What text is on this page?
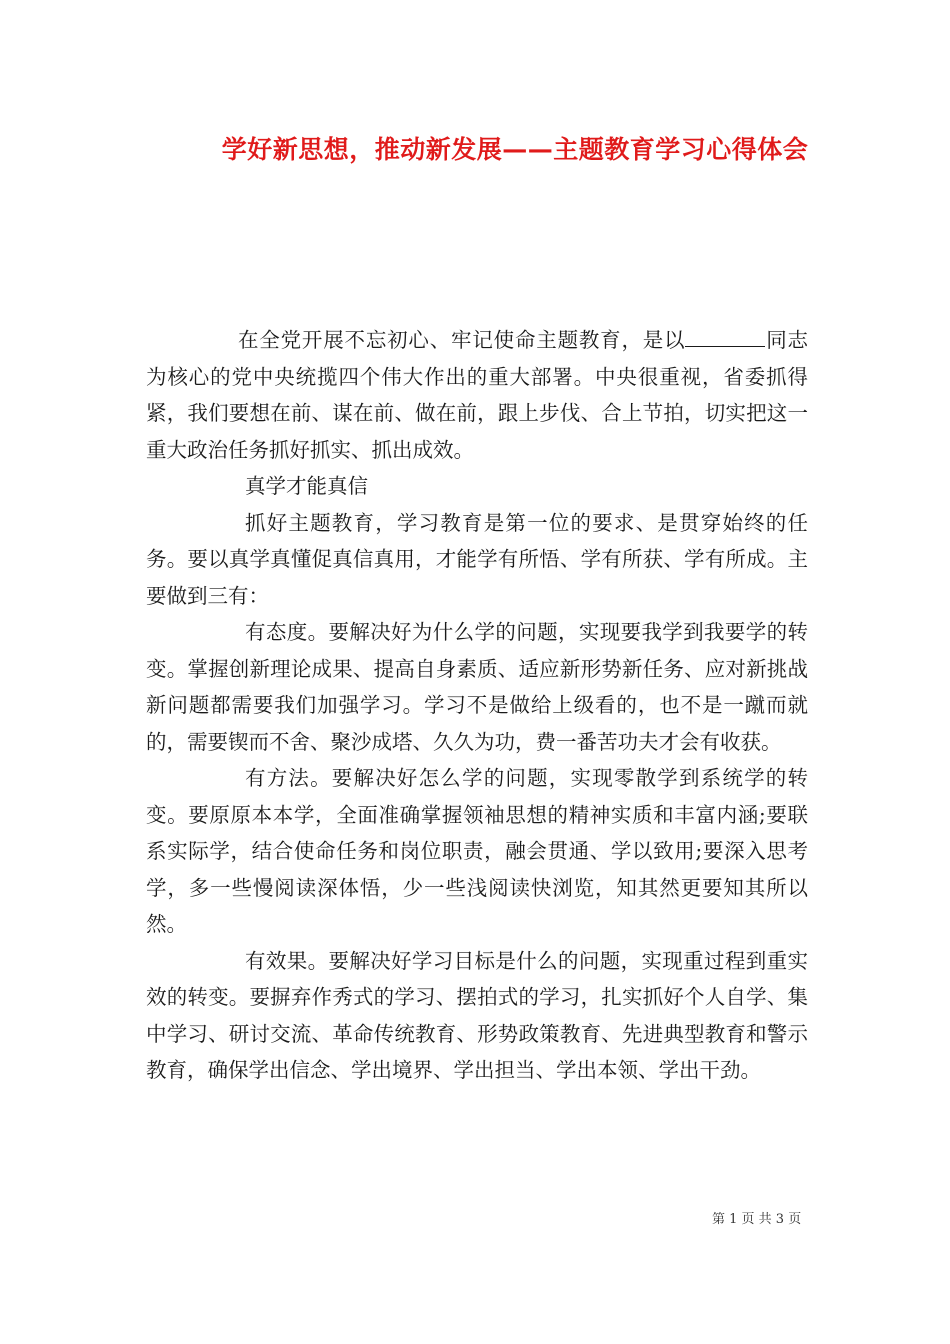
学好新思想，推动新发展——主题教育学习心得体会

在全党开展不忘初心、牢记使命主题教育，是以	同志为核心的党中央统揽四个伟大作出的重大部署。中央很重视，省委抓得紧，我们要想在前、谋在前、做在前，跟上步伐、合上节拍，切实把这一重大政治任务抓好抓实、抓出成效。

真学才能真信

抓好主题教育，学习教育是第一位的要求、是贯穿始终的任务。要以真学真懂促真信真用，才能学有所悟、学有所获、学有所成。主要做到三有：

有态度。要解决好为什么学的问题，实现要我学到我要学的转变。掌握创新理论成果、提高自身素质、适应新形势新任务、应对新挑战新问题都需要我们加强学习。学习不是做给上级看的，也不是一蹴而就的，需要锲而不舍、聚沙成塔、久久为功，费一番苦功夫才会有收获。

有方法。要解决好怎么学的问题，实现零散学到系统学的转变。要原原本本学，全面准确掌握领袖思想的精神实质和丰富内涵;要联系实际学，结合使命任务和岗位职责，融会贯通、学以致用;要深入思考学，多一些慢阅读深体悟，少一些浅阅读快浏览，知其然更要知其所以然。

有效果。要解决好学习目标是什么的问题，实现重过程到重实效的转变。要摒弃作秀式的学习、摆拍式的学习，扎实抓好个人自学、集中学习、研讨交流、革命传统教育、形势政策教育、先进典型教育和警示教育，确保学出信念、学出境界、学出担当、学出本领、学出干劲。

第 1 页 共 3 页
